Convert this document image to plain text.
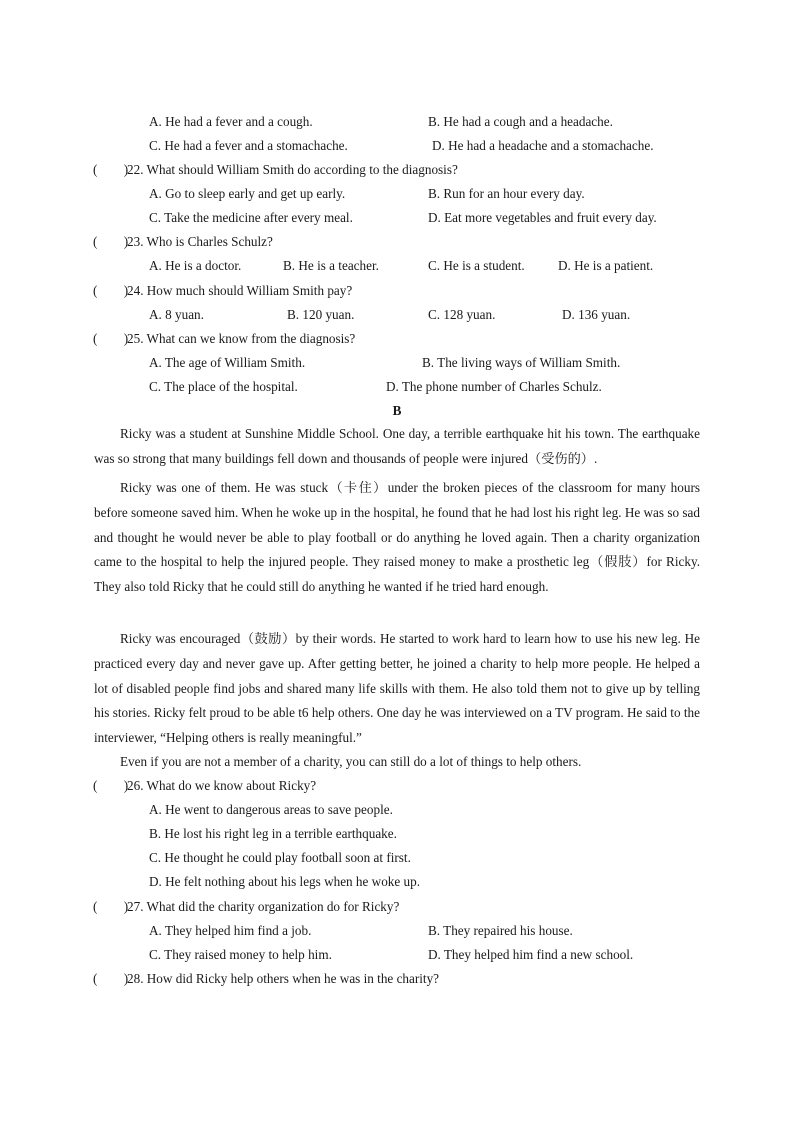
A. He had a fever and a cough.	B. He had a cough and a headache.
C. He had a fever and a stomachache.	D. He had a headache and a stomachache.
(　　)
22. What should William Smith do according to the diagnosis?
A. Go to sleep early and get up early.	B. Run for an hour every day.
C. Take the medicine after every meal.	D. Eat more vegetables and fruit every day.
(　　)
23. Who is Charles Schulz?
A. He is a doctor.	B. He is a teacher.	C. He is a student.	D. He is a patient.
(　　)
24. How much should William Smith pay?
A. 8 yuan.	B. 120 yuan.	C. 128 yuan.	D. 136 yuan.
(　　)
25. What can we know from the diagnosis?
A. The age of William Smith.	B. The living ways of William Smith.
C. The place of the hospital.	D. The phone number of Charles Schulz.
B
Ricky was a student at Sunshine Middle School. One day, a terrible earthquake hit his town. The earthquake was so strong that many buildings fell down and thousands of people were injured（受伤的）.
Ricky was one of them. He was stuck（卡住）under the broken pieces of the classroom for many hours before someone saved him. When he woke up in the hospital, he found that he had lost his right leg. He was so sad and thought he would never be able to play football or do anything he loved again. Then a charity organization came to the hospital to help the injured people. They raised money to make a prosthetic leg（假肢）for Ricky. They also told Ricky that he could still do anything he wanted if he tried hard enough.
Ricky was encouraged（鼓励）by their words. He started to work hard to learn how to use his new leg. He practiced every day and never gave up. After getting better, he joined a charity to help more people. He helped a lot of disabled people find jobs and shared many life skills with them. He also told them not to give up by telling his stories. Ricky felt proud to be able t6 help others. One day he was interviewed on a TV program. He said to the interviewer, “Helping others is really meaningful.”
Even if you are not a member of a charity, you can still do a lot of things to help others.
(　　)
26. What do we know about Ricky?
A. He went to dangerous areas to save people.
B. He lost his right leg in a terrible earthquake.
C. He thought he could play football soon at first.
D. He felt nothing about his legs when he woke up.
(　　)
27. What did the charity organization do for Ricky?
A. They helped him find a job.	B. They repaired his house.
C. They raised money to help him.	D. They helped him find a new school.
(　　)
28. How did Ricky help others when he was in the charity?
